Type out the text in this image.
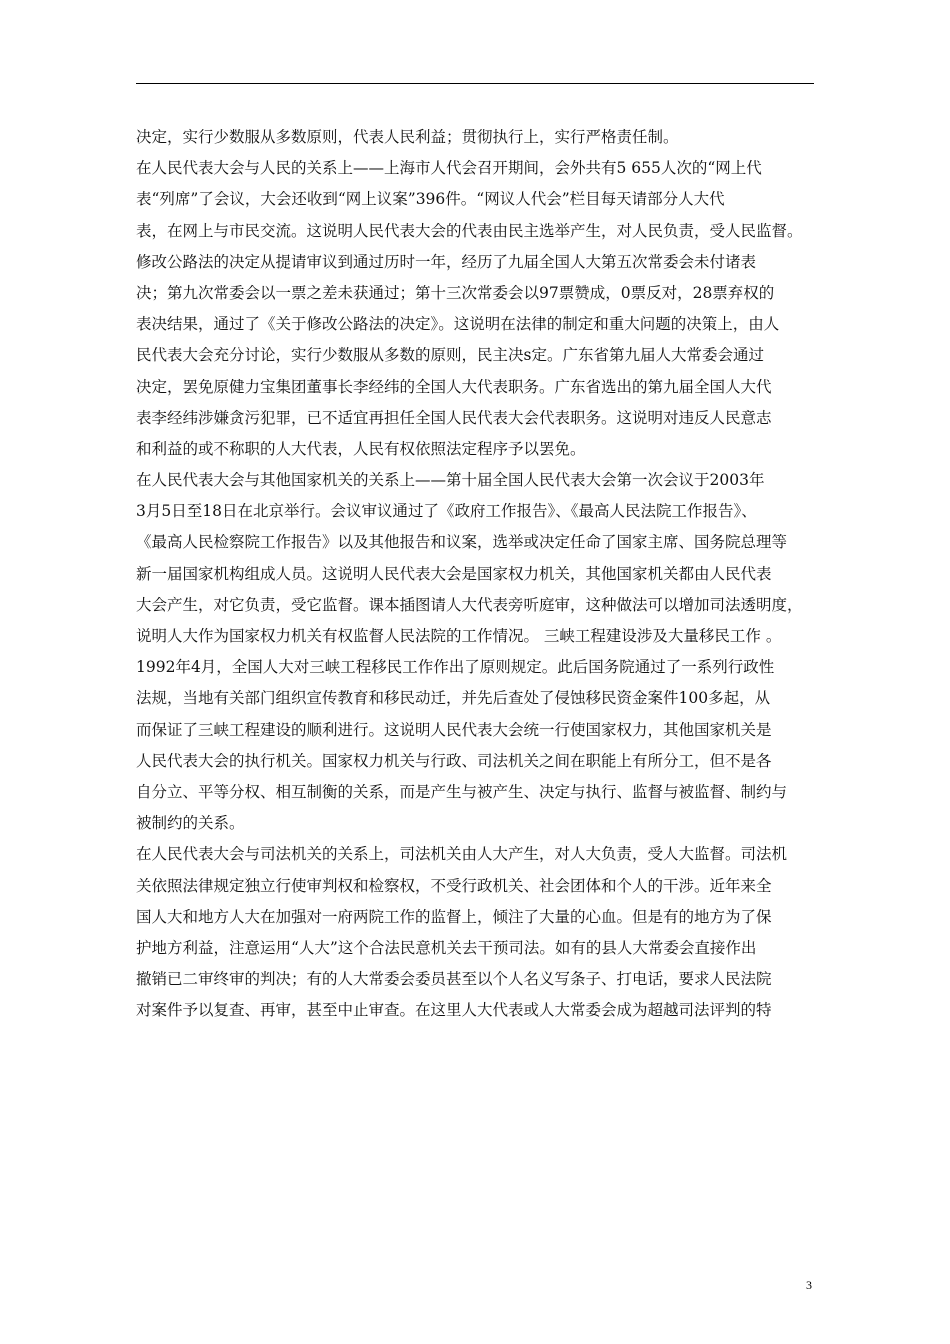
决定，实行少数服从多数原则，代表人民利益；贯彻执行上，实行严格责任制。
在人民代表大会与人民的关系上——上海市人代会召开期间，会外共有5 655人次的“网上代
表“列席”了会议，大会还收到“网上议案”396件。“网议人代会”栏目每天请部分人大代
表，在网上与市民交流。这说明人民代表大会的代表由民主选举产生，对人民负责，受人民监督。
修改公路法的决定从提请审议到通过历时一年，经历了九届全国人大第五次常委会未付诸表
决；第九次常委会以一票之差未获通过；第十三次常委会以97票赞成，0票反对，28票弃权的
表决结果，通过了《关于修改公路法的决定》。这说明在法律的制定和重大问题的决策上，由人
民代表大会充分讨论，实行少数服从多数的原则，民主决s定。广东省第九届人大常委会通过
决定，罢免原健力宝集团董事长李经纬的全国人大代表职务。广东省选出的第九届全国人大代
表李经纬涉嫌贪污犯罪，已不适宜再担任全国人民代表大会代表职务。这说明对违反人民意志
和利益的或不称职的人大代表，人民有权依照法定程序予以罢免。
在人民代表大会与其他国家机关的关系上——第十届全国人民代表大会第一次会议于2003年
3月5日至18日在北京举行。会议审议通过了《政府工作报告》、《最高人民法院工作报告》、
《最高人民检察院工作报告》以及其他报告和议案，选举或决定任命了国家主席、国务院总理等
新一届国家机构组成人员。这说明人民代表大会是国家权力机关，其他国家机关都由人民代表
大会产生，对它负责，受它监督。课本插图请人大代表旁听庭审，这种做法可以增加司法透明度，
说明人大作为国家权力机关有权监督人民法院的工作情况。 三峡工程建设涉及大量移民工作 。
1992年4月，全国人大对三峡工程移民工作作出了原则规定。此后国务院通过了一系列行政性
法规，当地有关部门组织宣传教育和移民动迁，并先后查处了侵蚀移民资金案件100多起，从
而保证了三峡工程建设的顺利进行。这说明人民代表大会统一行使国家权力，其他国家机关是
人民代表大会的执行机关。国家权力机关与行政、司法机关之间在职能上有所分工，但不是各
自分立、平等分权、相互制衡的关系，而是产生与被产生、决定与执行、监督与被监督、制约与
被制约的关系。
在人民代表大会与司法机关的关系上，司法机关由人大产生，对人大负责，受人大监督。司法机
关依照法律规定独立行使审判权和检察权，不受行政机关、社会团体和个人的干涉。近年来全
国人大和地方人大在加强对一府两院工作的监督上，倾注了大量的心血。但是有的地方为了保
护地方利益，注意运用“人大”这个合法民意机关去干预司法。如有的县人大常委会直接作出
撤销已二审终审的判决；有的人大常委会委员甚至以个人名义写条子、打电话，要求人民法院
对案件予以复查、再审，甚至中止审查。在这里人大代表或人大常委会成为超越司法评判的特
3
